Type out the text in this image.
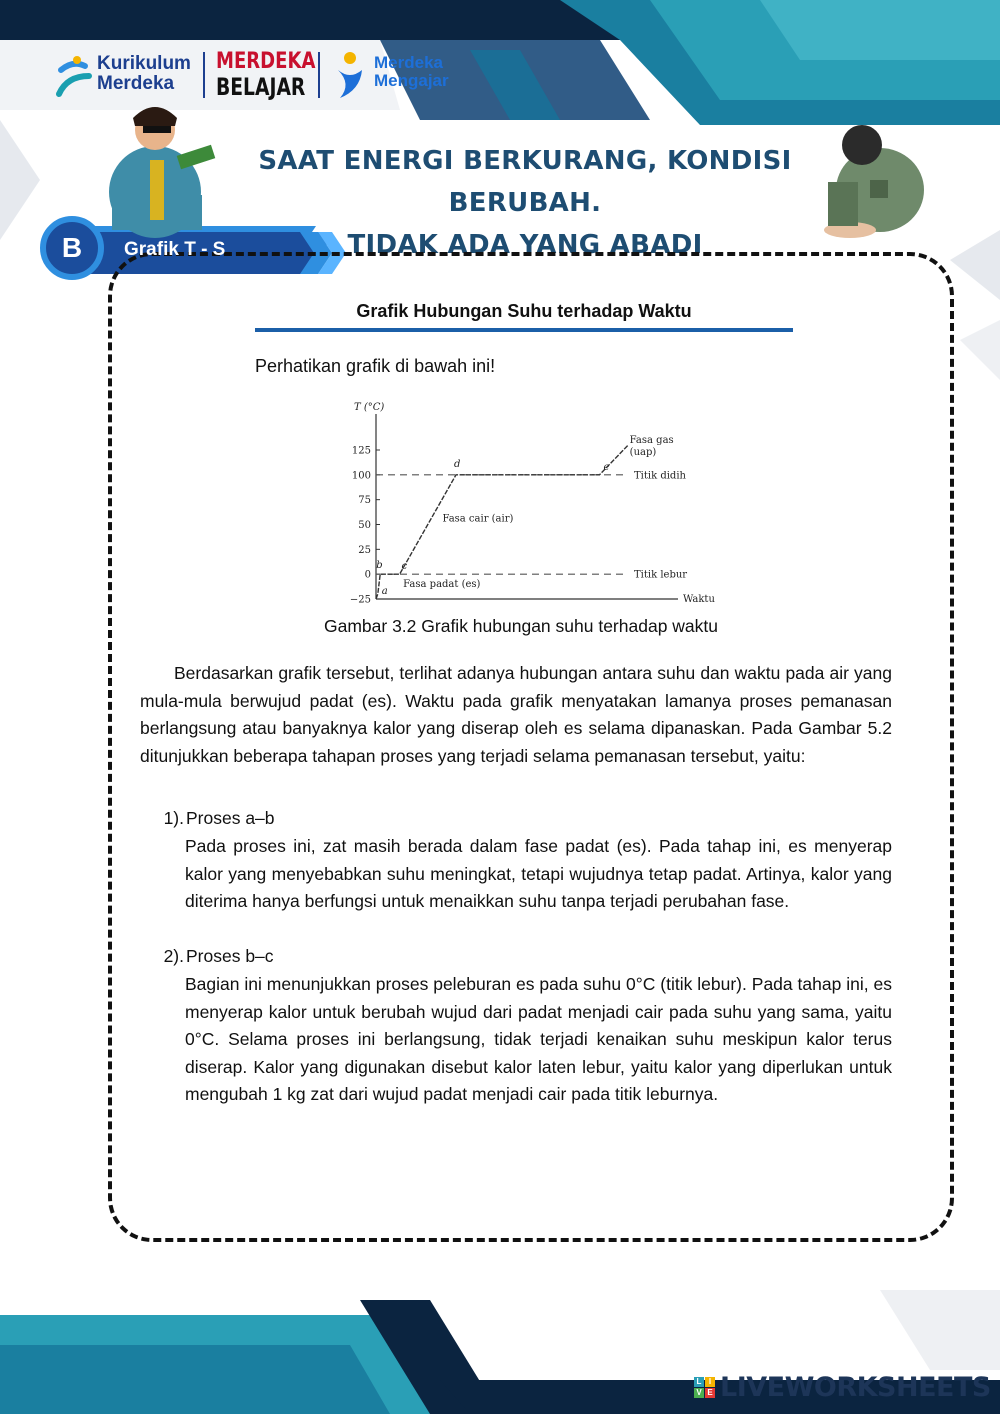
Kurikulum
Merdeka
MERDEKA
BELAJAR
Merdeka
Mengajar
SAAT ENERGI BERKURANG, KONDISI BERUBAH.
TIDAK ADA YANG ABADI
B	Grafik T - S
Grafik Hubungan Suhu terhadap Waktu
Perhatikan grafik di bawah ini!
T (°C)
Waktu
−25
0
25
50
75
100
125
Titik didih
Titik lebur
a
b c
d	e
Fasa gas
(uap)
Fasa cair (air)
Fasa padat (es)
Gambar 3.2 Grafik hubungan suhu terhadap waktu

Berdasarkan grafik tersebut, terlihat adanya hubungan antara suhu dan waktu pada air yang mula-mula berwujud padat (es). Waktu pada grafik menyatakan lamanya proses pemanasan berlangsung atau banyaknya kalor yang diserap oleh es selama dipanaskan. Pada Gambar 5.2 ditunjukkan beberapa tahapan proses yang terjadi selama pemanasan tersebut, yaitu:

1). Proses a–b

Pada proses ini, zat masih berada dalam fase padat (es). Pada tahap ini, es menyerap kalor yang menyebabkan suhu meningkat, tetapi wujudnya tetap padat. Artinya, kalor yang diterima hanya berfungsi untuk menaikkan suhu tanpa terjadi perubahan fase.

2). Proses b–c

Bagian ini menunjukkan proses peleburan es pada suhu 0°C (titik lebur). Pada tahap ini, es menyerap kalor untuk berubah wujud dari padat menjadi cair pada suhu yang sama, yaitu 0°C. Selama proses ini berlangsung, tidak terjadi kenaikan suhu meskipun kalor terus diserap. Kalor yang digunakan disebut kalor laten lebur, yaitu kalor yang diperlukan untuk mengubah 1 kg zat dari wujud padat menjadi cair pada titik leburnya.

L I
V E LIVEWORKSHEETS
